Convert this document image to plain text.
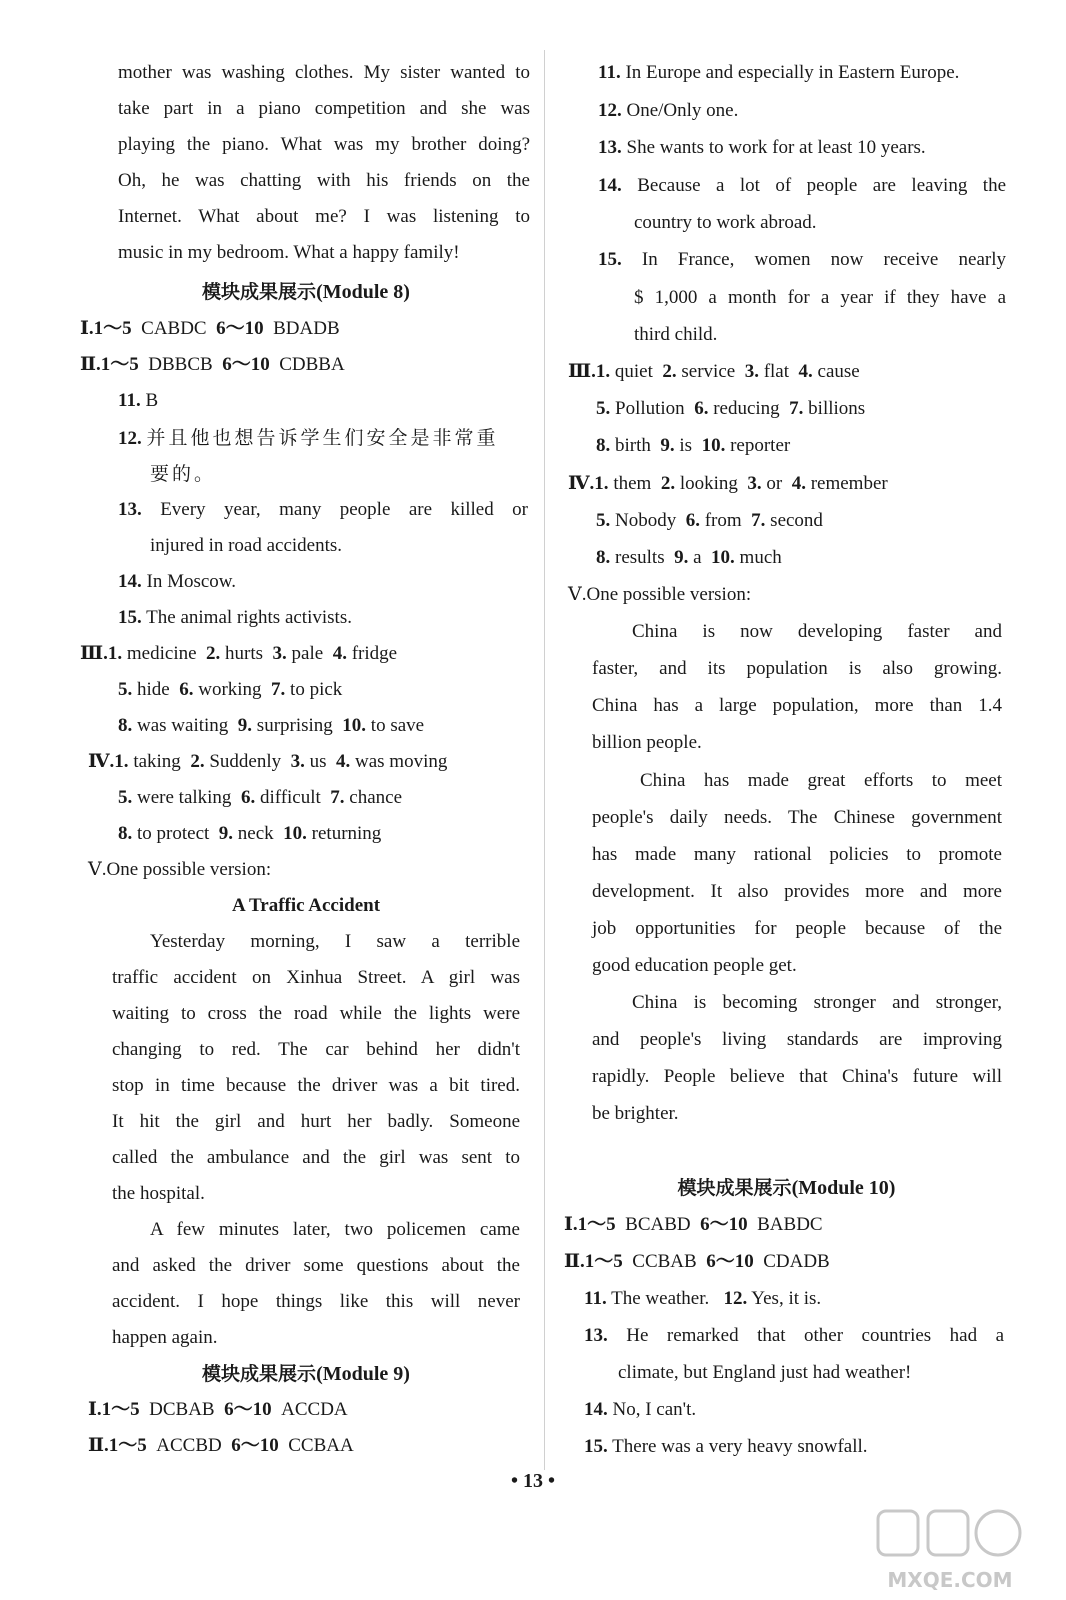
mother was washing clothes. My sister wanted to
take part in a piano competition and she was
playing the piano. What was my brother doing?
Oh, he was chatting with his friends on the
Internet. What about me? I was listening to
music in my bedroom. What a happy family!
模块成果展示(Module 8)
Ⅰ.1～5 CABDC 6～10 BDADB
Ⅱ.1～5 DBBCB 6～10 CDBBA
11. B
12. 并且他也想告诉学生们安全是非常重
要的。
13. Every year, many people are killed or
injured in road accidents.
14. In Moscow.
15. The animal rights activists.
Ⅲ.1. medicine 2. hurts 3. pale 4. fridge
5. hide 6. working 7. to pick
8. was waiting 9. surprising 10. to save
Ⅳ.1. taking 2. Suddenly 3. us 4. was moving
5. were talking 6. difficult 7. chance
8. to protect 9. neck 10. returning
Ⅴ.One possible version:
A Traffic Accident
Yesterday morning, I saw a terrible
traffic accident on Xinhua Street. A girl was
waiting to cross the road while the lights were
changing to red. The car behind her didn't
stop in time because the driver was a bit tired.
It hit the girl and hurt her badly. Someone
called the ambulance and the girl was sent to
the hospital.
A few minutes later, two policemen came
and asked the driver some questions about the
accident. I hope things like this will never
happen again.
模块成果展示(Module 9)
Ⅰ.1～5 DCBAB 6～10 ACCDA
Ⅱ.1～5 ACCBD 6～10 CCBAA
11. In Europe and especially in Eastern Europe.
12. One/Only one.
13. She wants to work for at least 10 years.
14. Because a lot of people are leaving the
country to work abroad.
15. In France, women now receive nearly
$ 1,000 a month for a year if they have a
third child.
Ⅲ.1. quiet 2. service 3. flat 4. cause
5. Pollution 6. reducing 7. billions
8. birth 9. is 10. reporter
Ⅳ.1. them 2. looking 3. or 4. remember
5. Nobody 6. from 7. second
8. results 9. a 10. much
Ⅴ.One possible version:
China is now developing faster and
faster, and its population is also growing.
China has a large population, more than 1.4
billion people.
China has made great efforts to meet
people's daily needs. The Chinese government
has made many rational policies to promote
development. It also provides more and more
job opportunities for people because of the
good education people get.
China is becoming stronger and stronger,
and people's living standards are improving
rapidly. People believe that China's future will
be brighter.
模块成果展示(Module 10)
Ⅰ.1～5 BCABD 6～10 BABDC
Ⅱ.1～5 CCBAB 6～10 CDADB
11. The weather. 12. Yes, it is.
13. He remarked that other countries had a
climate, but England just had weather!
14. No, I can't.
15. There was a very heavy snowfall.
• 13 •
MXQE.COM
